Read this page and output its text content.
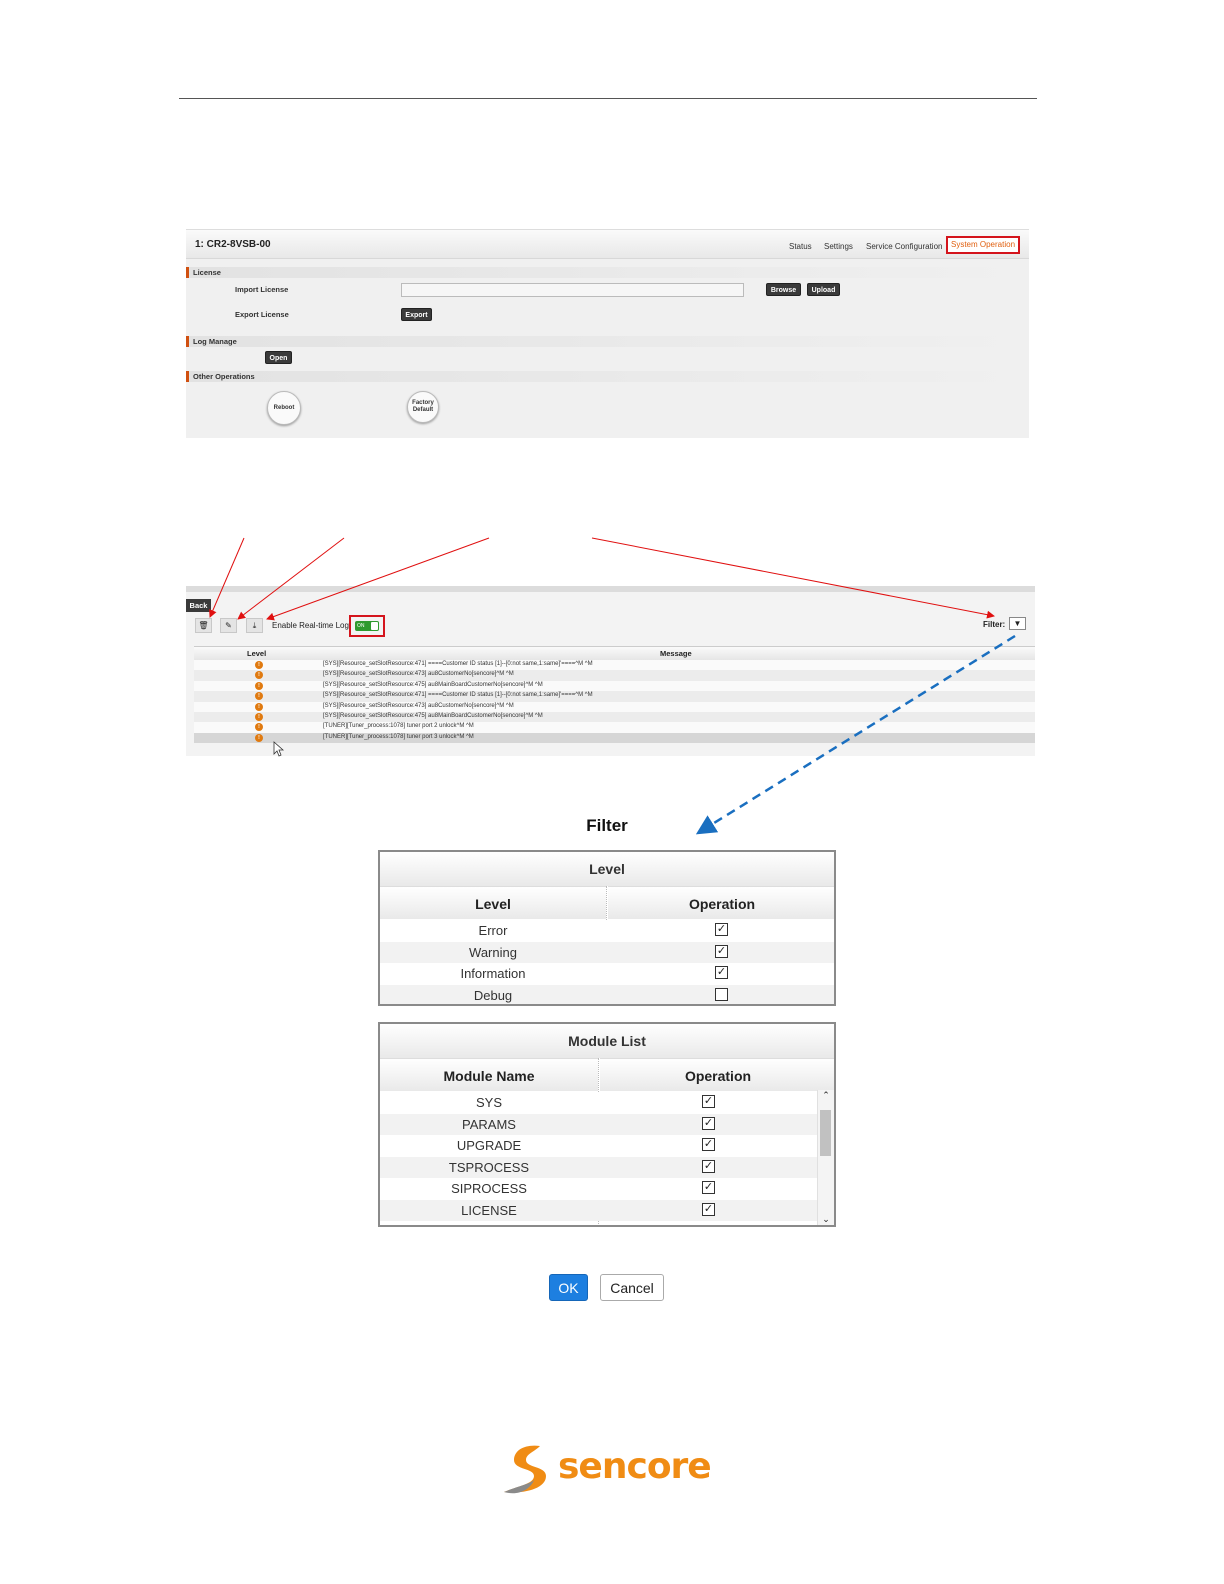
1: CR2-8VSB-00	Status Settings Service Configuration	System Operation
License
Import License	Browse	Upload
Export License	Export
Log Manage
Open
Other Operations
Reboot
Factory Default
Back
🗑	✎	⤓	Enable Real-time Log	ON	Filter:	▼
Level	Message
!	[SYS][Resource_setSlotResource:471] ====Customer ID status [1]--[0:not same,1:same]'====^M ^M
!	[SYS][Resource_setSlotResource:473] au8CustomerNo[sencore]^M ^M
!	[SYS][Resource_setSlotResource:475] au8MainBoardCustomerNo[sencore]^M ^M
!	[SYS][Resource_setSlotResource:471] ====Customer ID status [1]--[0:not same,1:same]'====^M ^M
!	[SYS][Resource_setSlotResource:473] au8CustomerNo[sencore]^M ^M
!	[SYS][Resource_setSlotResource:475] au8MainBoardCustomerNo[sencore]^M ^M
!	[TUNER][Tuner_process:1078] tuner port 2 unlock^M ^M
!	[TUNER][Tuner_process:1078] tuner port 3 unlock^M ^M
Filter
Level
Level	Operation
Error	✓
Warning	✓
Information	✓
Debug
Module List
Module Name	Operation
SYS	✓
PARAMS	✓
UPGRADE	✓
TSPROCESS	✓
SIPROCESS	✓
LICENSE	✓
⌃
⌄
OK	Cancel
sencore
